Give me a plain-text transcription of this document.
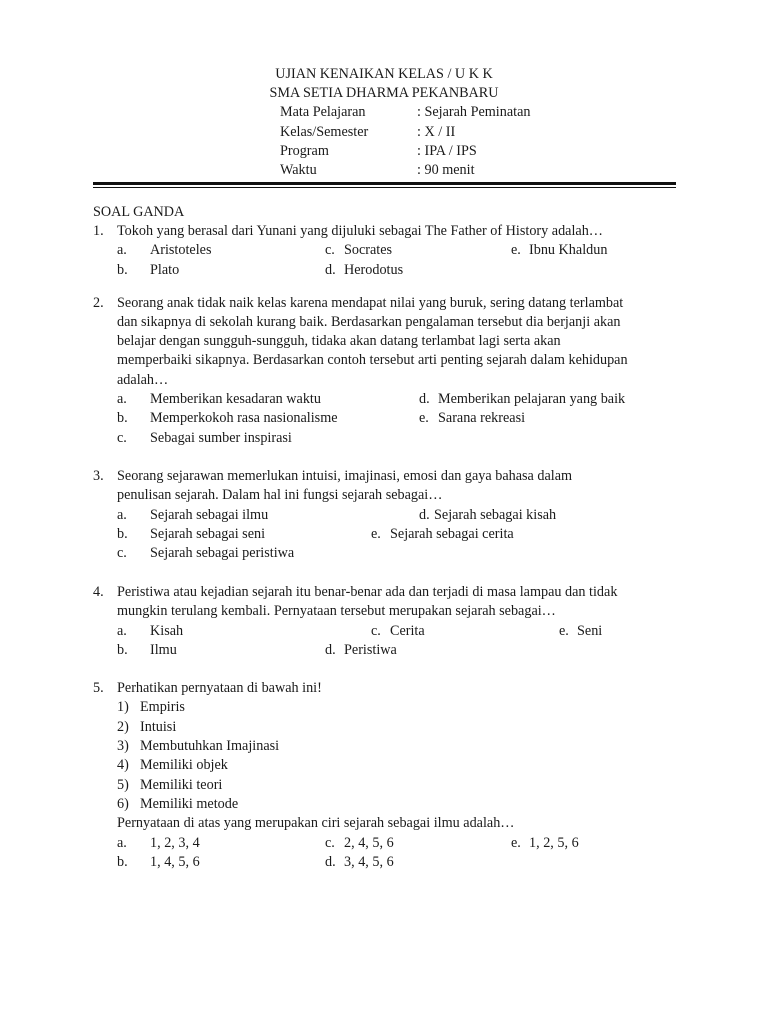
UJIAN KENAIKAN KELAS / U K K
SMA SETIA DHARMA PEKANBARU
Mata Pelajaran	: Sejarah Peminatan
Kelas/Semester	: X / II
Program	: IPA / IPS
Waktu	: 90 menit
SOAL GANDA
1. Tokoh yang berasal dari Yunani yang dijuluki sebagai The Father of History adalah…
a. Aristoteles	c. Socrates	e. Ibnu Khaldun
b. Plato	d. Herodotus
2. Seorang anak tidak naik kelas karena mendapat nilai yang buruk, sering datang terlambat
dan sikapnya di sekolah kurang baik. Berdasarkan pengalaman tersebut dia berjanji akan
belajar dengan sungguh-sungguh, tidaka akan datang terlambat lagi serta akan
memperbaiki sikapnya. Berdasarkan contoh tersebut arti penting sejarah dalam kehidupan
adalah…
a. Memberikan kesadaran waktu	d. Memberikan pelajaran yang baik
b. Memperkokoh rasa nasionalisme	e. Sarana rekreasi
c. Sebagai sumber inspirasi
3. Seorang sejarawan memerlukan intuisi, imajinasi, emosi dan gaya bahasa dalam
penulisan sejarah. Dalam hal ini fungsi sejarah sebagai…
a. Sejarah sebagai ilmu	d. Sejarah sebagai kisah
b. Sejarah sebagai seni	e. Sejarah sebagai cerita
c. Sejarah sebagai peristiwa
4. Peristiwa atau kejadian sejarah itu benar-benar ada dan terjadi di masa lampau dan tidak
mungkin terulang kembali. Pernyataan tersebut merupakan sejarah sebagai…
a. Kisah	c. Cerita	e. Seni
b. Ilmu	d. Peristiwa
5. Perhatikan pernyataan di bawah ini!
1) Empiris
2) Intuisi
3) Membutuhkan Imajinasi
4) Memiliki objek
5) Memiliki teori
6) Memiliki metode
Pernyataan di atas yang merupakan ciri sejarah sebagai ilmu adalah…
a. 1, 2, 3, 4	c. 2, 4, 5, 6	e. 1, 2, 5, 6
b. 1, 4, 5, 6	d. 3, 4, 5, 6
